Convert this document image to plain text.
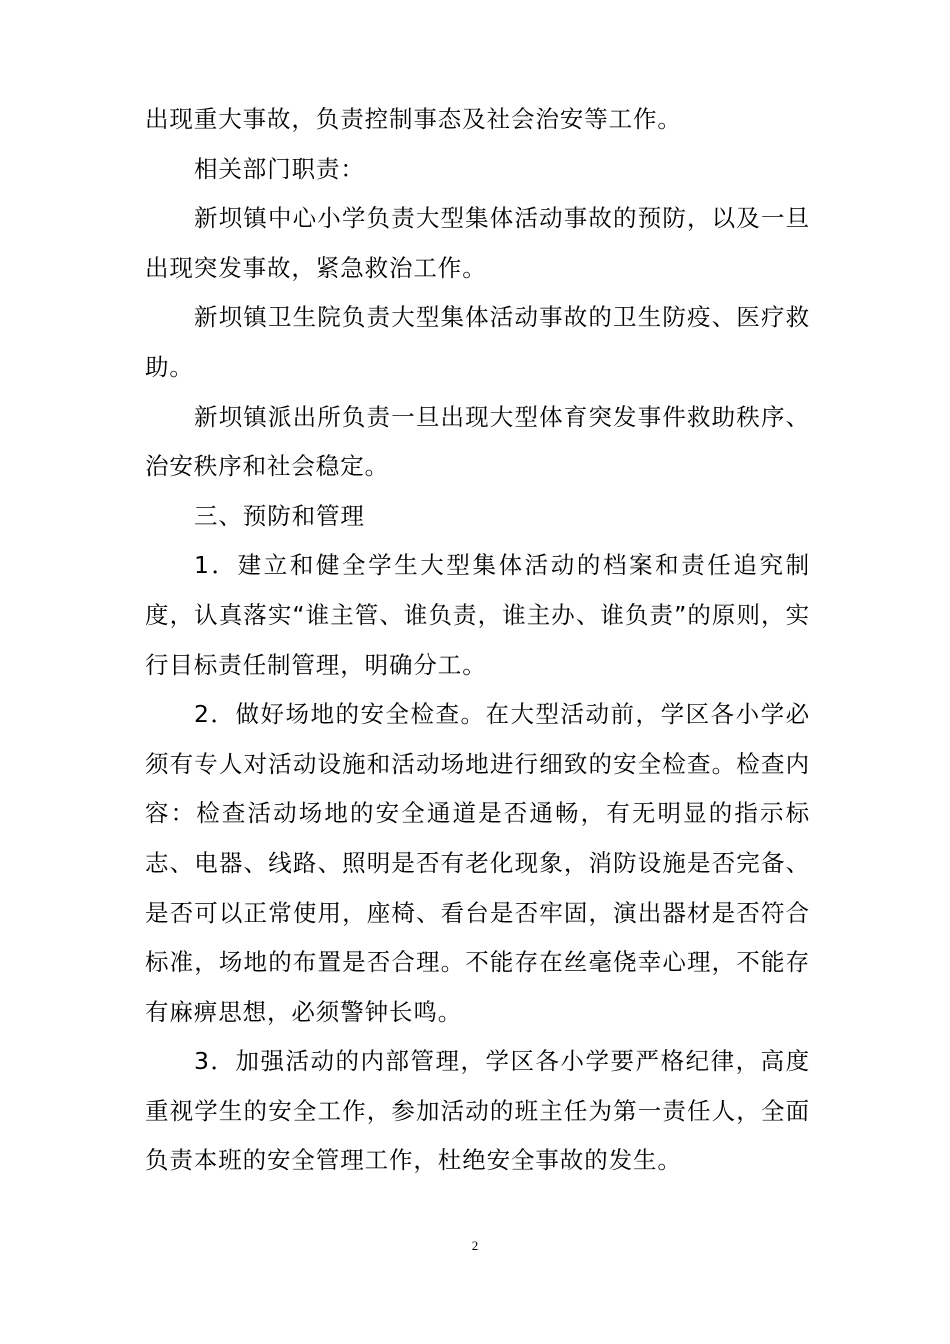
出现重大事故，负责控制事态及社会治安等工作。

相关部门职责：

新坝镇中心小学负责大型集体活动事故的预防，以及一旦出现突发事故，紧急救治工作。

新坝镇卫生院负责大型集体活动事故的卫生防疫、医疗救助。

新坝镇派出所负责一旦出现大型体育突发事件救助秩序、治安秩序和社会稳定。

三、预防和管理

1．建立和健全学生大型集体活动的档案和责任追究制度，认真落实“谁主管、谁负责，谁主办、谁负责”的原则，实行目标责任制管理，明确分工。

2．做好场地的安全检查。在大型活动前，学区各小学必须有专人对活动设施和活动场地进行细致的安全检查。检查内容：检查活动场地的安全通道是否通畅，有无明显的指示标志、电器、线路、照明是否有老化现象，消防设施是否完备、是否可以正常使用，座椅、看台是否牢固，演出器材是否符合标准，场地的布置是否合理。不能存在丝毫侥幸心理，不能存有麻痹思想，必须警钟长鸣。

3．加强活动的内部管理，学区各小学要严格纪律，高度重视学生的安全工作，参加活动的班主任为第一责任人，全面负责本班的安全管理工作，杜绝安全事故的发生。

2
